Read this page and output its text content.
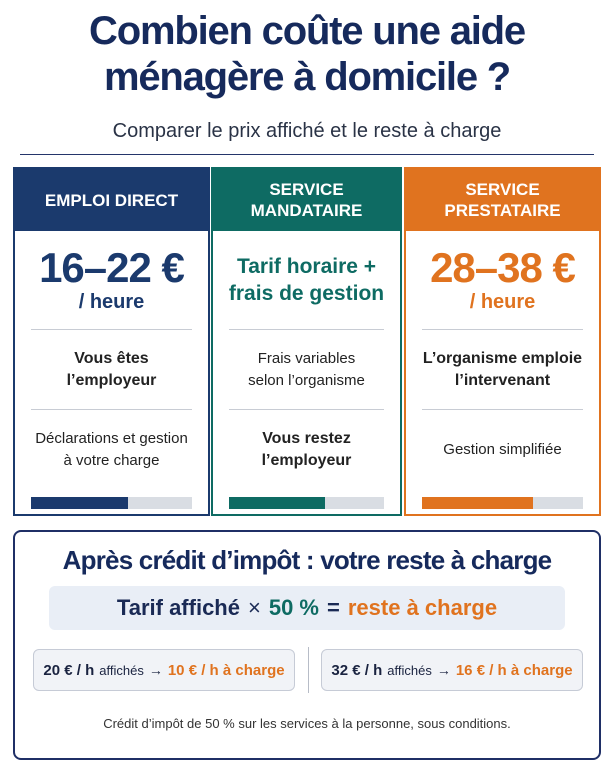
Combien coûte une aide ménagère à domicile ?

Comparer le prix affiché et le reste à charge

EMPLOI DIRECT
16–22 €
/ heure
Vous êtes
l’employeur
Déclarations et gestion
à votre charge
SERVICE
MANDATAIRE
Tarif horaire +
frais de gestion
Frais variables
selon l’organisme
Vous restez
l’employeur
SERVICE
PRESTATAIRE
28–38 €
/ heure
L’organisme emploie
l’intervenant
Gestion simplifiée
Après crédit d’impôt : votre reste à charge
Tarif affiché × 50 % = reste à charge
20 € / h affichés → 10 € / h à charge	32 € / h affichés → 16 € / h à charge
Crédit d’impôt de 50 % sur les services à la personne, sous conditions.
